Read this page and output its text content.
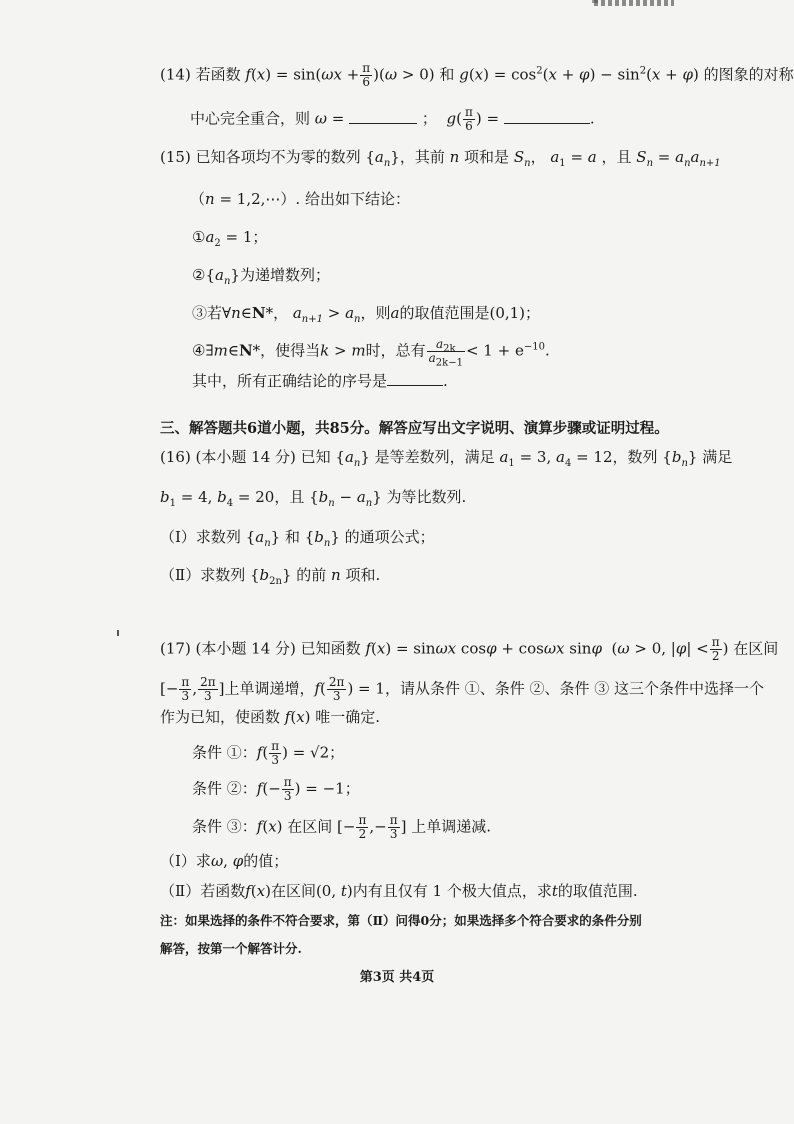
(14) 若函数 $f(x) = \sin(\omega x + \frac{\pi}{6} )(\omega > 0)$ 和 $g(x) = \cos^2(x + \varphi) - \sin^2(x + \varphi)$ 的图象的对称
中心完全重合，则 ω =	； $g( \frac{\pi}{6}$ ) =	.
(15) 已知各项均不为零的数列 $\{a_n\}$，其前 n 项和是 $S_n$， $a_1 = a$ ，且 $S_n = a_na_{n+1}$
（n = 1,2,⋯）. 给出如下结论：
$①a_2 = 1$；
$②\{a_n\}$为递增数列；
③若∀n∈N*， $a_{n+1} > a_n$，则a的取值范围是(0,1)；
④∃m∈N*，使得当k > m时，总有 $\frac{a_{2k}}{a_{2k-1}} < 1 + e^{-10}$.
其中，所有正确结论的序号是	.
三、解答题共6道小题，共85分。解答应写出文字说明、演算步骤或证明过程。
(16) (本小题 14 分) 已知 $\{a_n\}$ 是等差数列，满足 $a_1 = 3$, $a_4 = 12$，数列 $\{b_n\}$ 满足
$b_1 = 4$, $b_4 = 20$，且 $\{b_n - a_n\}$ 为等比数列.
（Ⅰ）求数列 $\{a_n\}$ 和 $\{b_n\}$ 的通项公式；
（Ⅱ）求数列 $\{b_{2n}\}$ 的前 n 项和.
(17) (本小题 14 分) 已知函数 f(x) = sinωx cosφ + cosωx sinφ  (ω > 0, $|\varphi| < \frac{\pi}{2}$ ) 在区间
[− $\frac{\pi}{3}$ , $\frac{2\pi}{3}$ ]上单调递增，$f( \frac{2\pi}{3}$ ) = 1，请从条件 ①、条件 ②、条件 ③ 这三个条件中选择一个
作为已知，使函数 f(x) 唯一确定.
条件 ①：$f( \frac{\pi}{3}$ ) = √2；
条件 ②：$f(- \frac{\pi}{3}$ ) = −1；
条件 ③：f(x) 在区间 [− $\frac{\pi}{2}$ ,− $\frac{\pi}{3}$ ] 上单调递减.
（Ⅰ）求ω, φ的值；
（Ⅱ）若函数f(x)在区间(0, t)内有且仅有 1 个极大值点，求t的取值范围.
注：如果选择的条件不符合要求，第（Ⅱ）问得0分；如果选择多个符合要求的条件分别
解答，按第一个解答计分.
第3页 共4页
